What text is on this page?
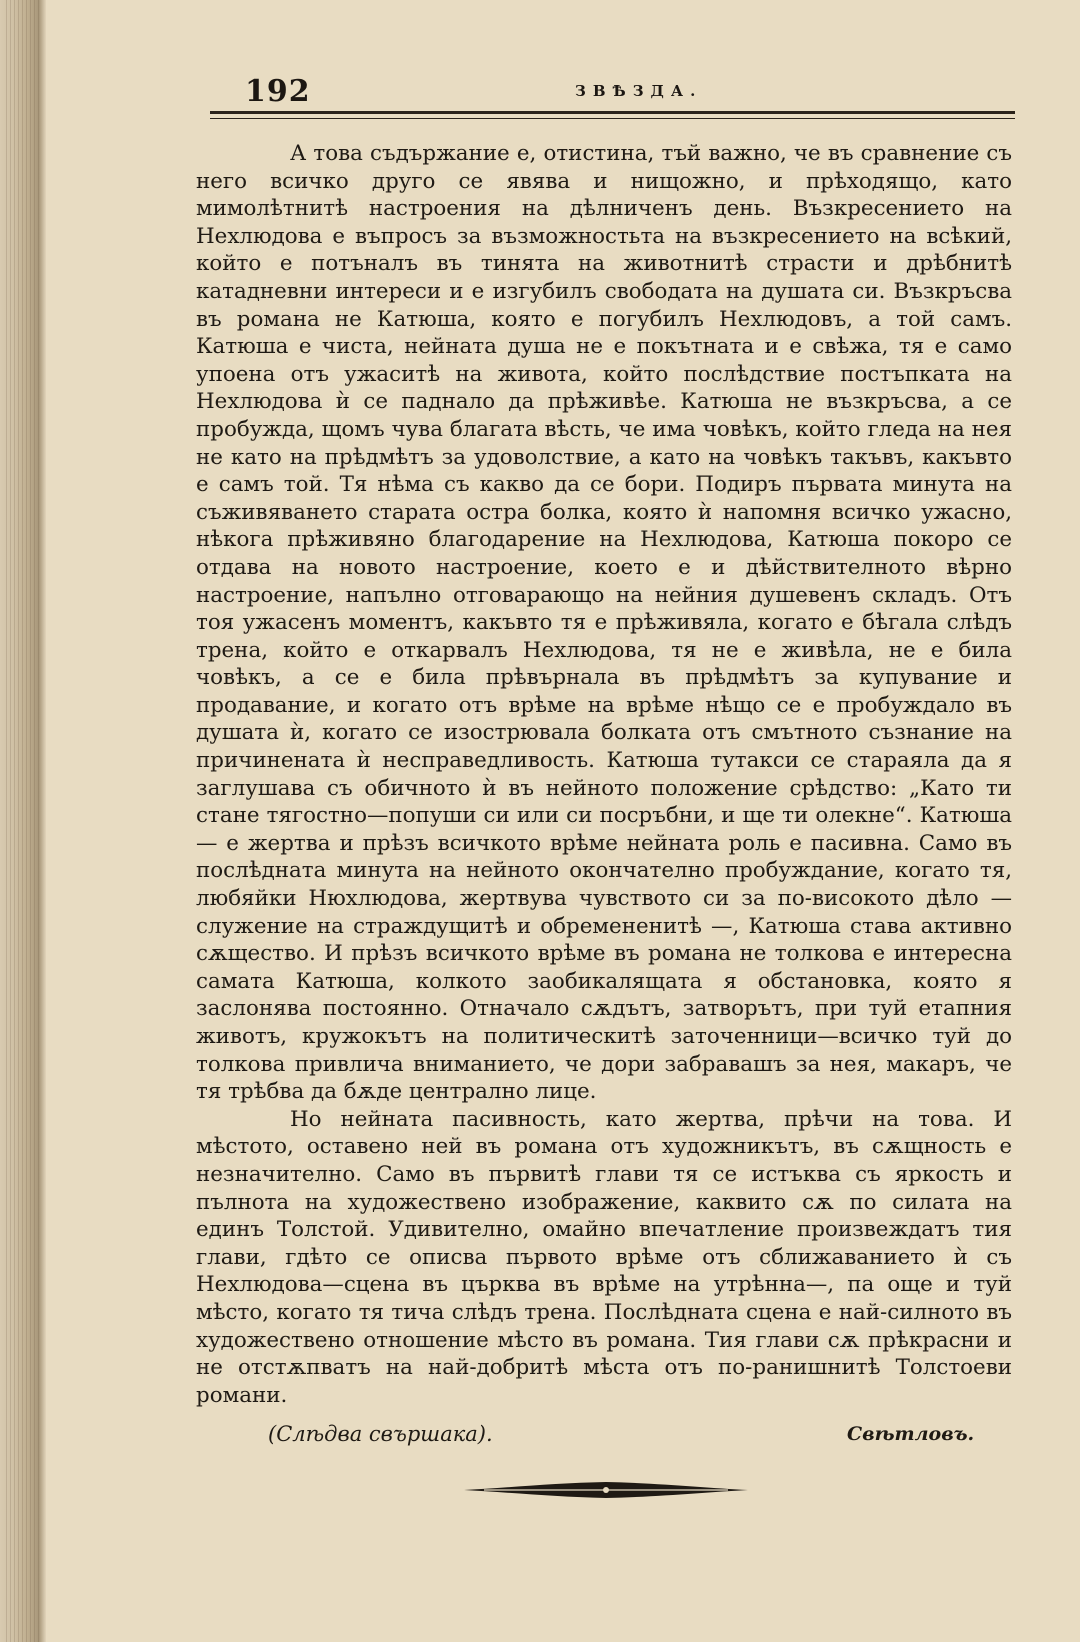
192	ЗВѢЗДА.

А това съдържание е, отистина, тъй важно, че въ сравнение съ него всичко друго се явява и нищожно, и прѣходящо, като мимолѣтнитѣ настроения на дѣлниченъ день. Възкресението на Нехлюдова е въпросъ за възможностьта на възкресението на всѣкий, който е потъналъ въ тинята на животнитѣ страсти и дрѣбнитѣ катадневни интереси и е изгубилъ свободата на душата си. Възкръсва въ романа не Катюша, която е погубилъ Нехлюдовъ, а той самъ. Катюша е чиста, нейната душа не е покътната и е свѣжа, тя е само упоена отъ ужаситѣ на живота, който послѣдствие постъпката на Нехлюдова ѝ се падналo да прѣживѣе. Катюша не възкръсва, а се пробужда, щомъ чува благата вѣсть, че има човѣкъ, който гледа на нея не като на прѣдмѣтъ за удоволствие, а като на човѣкъ такъвъ, какъвто е самъ той. Тя нѣма съ какво да се бори. Подиръ първата минута на съживяването старата остра болка, която ѝ напомня всичко ужасно, нѣкога прѣживяно благодарение на Нехлюдова, Катюша покоро се отдава на новото настроение, което е и дѣйствителното вѣрно настроение, напълно отговарающо на нейния душевенъ складъ. Отъ тоя ужасенъ моментъ, какъвто тя е прѣживяла, когато е бѣгала слѣдъ трена, който е откарвалъ Нехлюдова, тя не е живѣла, не е била човѣкъ, а се е била прѣвърнала въ прѣдмѣтъ за купувание и продавание, и когато отъ врѣме на врѣме нѣщо се е пробуждало въ душата ѝ, когато се изострювала болката отъ смътното съзнание на причинената ѝ несправедливость. Катюша тутакси се стараяла да я заглушава съ обичното ѝ въ нейното положение срѣдство: „Като ти стане тягостно—попуши си или си посръбни, и ще ти олекне“. Катюша — е жертва и прѣзъ всичкото врѣме нейната роль е пасивна. Само въ послѣдната минута на нейното окончателно пробуждание, когато тя, любяйки Нюхлюдова, жертвува чувството си за по-високото дѣло — служение на страждущитѣ и обремененитѣ —, Катюша става активно сѫщество. И прѣзъ всичкото врѣме въ романа не толкова е интересна самата Катюша, колкото заобикалящата я обстановка, която я заслонява постоянно. Отначало сѫдътъ, затворътъ, при туй етапния животъ, кружокътъ на политическитѣ заточенници—всичко туй до толкова привлича вниманието, че дори забравашъ за нея, макаръ, че тя трѣбва да бѫде централно лице.

Но нейната пасивность, като жертва, прѣчи на това. И мѣстото, оставено ней въ романа отъ художникътъ, въ сѫщность е незначително. Само въ първитѣ глави тя се истъква съ яркость и пълнота на художествено изображение, каквито сѫ по силата на единъ Толстой. Удивително, омайно впечатление произвеждатъ тия глави, гдѣто се описва първото врѣме отъ сближаванието ѝ съ Нехлюдова—сцена въ църква въ врѣме на утрѣнна—, па още и туй мѣсто, когато тя тича слѣдъ трена. Послѣдната сцена е най-силното въ художествено отношение мѣсто въ романа. Тия глави сѫ прѣкрасни и не отстѫпватъ на най-добритѣ мѣста отъ по-ранишнитѣ Толстоеви романи.

(Слѣдва свършака).	Свѣтловъ.
